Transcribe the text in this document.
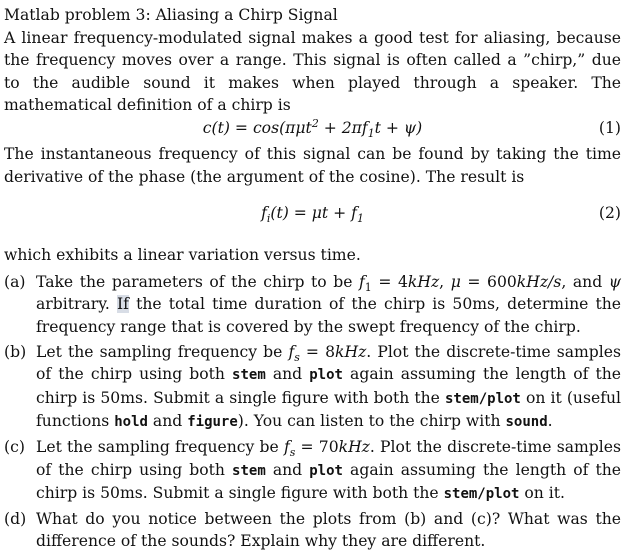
Matlab problem 3: Aliasing a Chirp Signal

A linear frequency-modulated signal makes a good test for aliasing, because the frequency moves over a range. This signal is often called a ”chirp,” due to the audible sound it makes when played through a speaker. The mathematical definition of a chirp is

$c(t) = \cos(\pi\mu t^2 + 2\pi f_1t + \psi)$	(1)

The instantaneous frequency of this signal can be found by taking the time derivative of the phase (the argument of the cosine). The result is

$f_i(t) = \mu t + f_1$	(2)

which exhibits a linear variation versus time.

(a) Take the parameters of the chirp to be $f_1 = 4kHz$, μ = 600kHz/s, and ψ arbitrary. If the total time duration of the chirp is 50ms, determine the frequency range that is covered by the swept frequency of the chirp.
(b) Let the sampling frequency be $f_s = 8kHz$. Plot the discrete-time samples of the chirp using both stem and plot again assuming the length of the chirp is 50ms. Submit a single figure with both the stem/plot on it (useful functions hold and figure). You can listen to the chirp with sound.
(c) Let the sampling frequency be $f_s = 70kHz$. Plot the discrete-time samples of the chirp using both stem and plot again assuming the length of the chirp is 50ms. Submit a single figure with both the stem/plot on it.
(d) What do you notice between the plots from (b) and (c)? What was the difference of the sounds? Explain why they are different.
